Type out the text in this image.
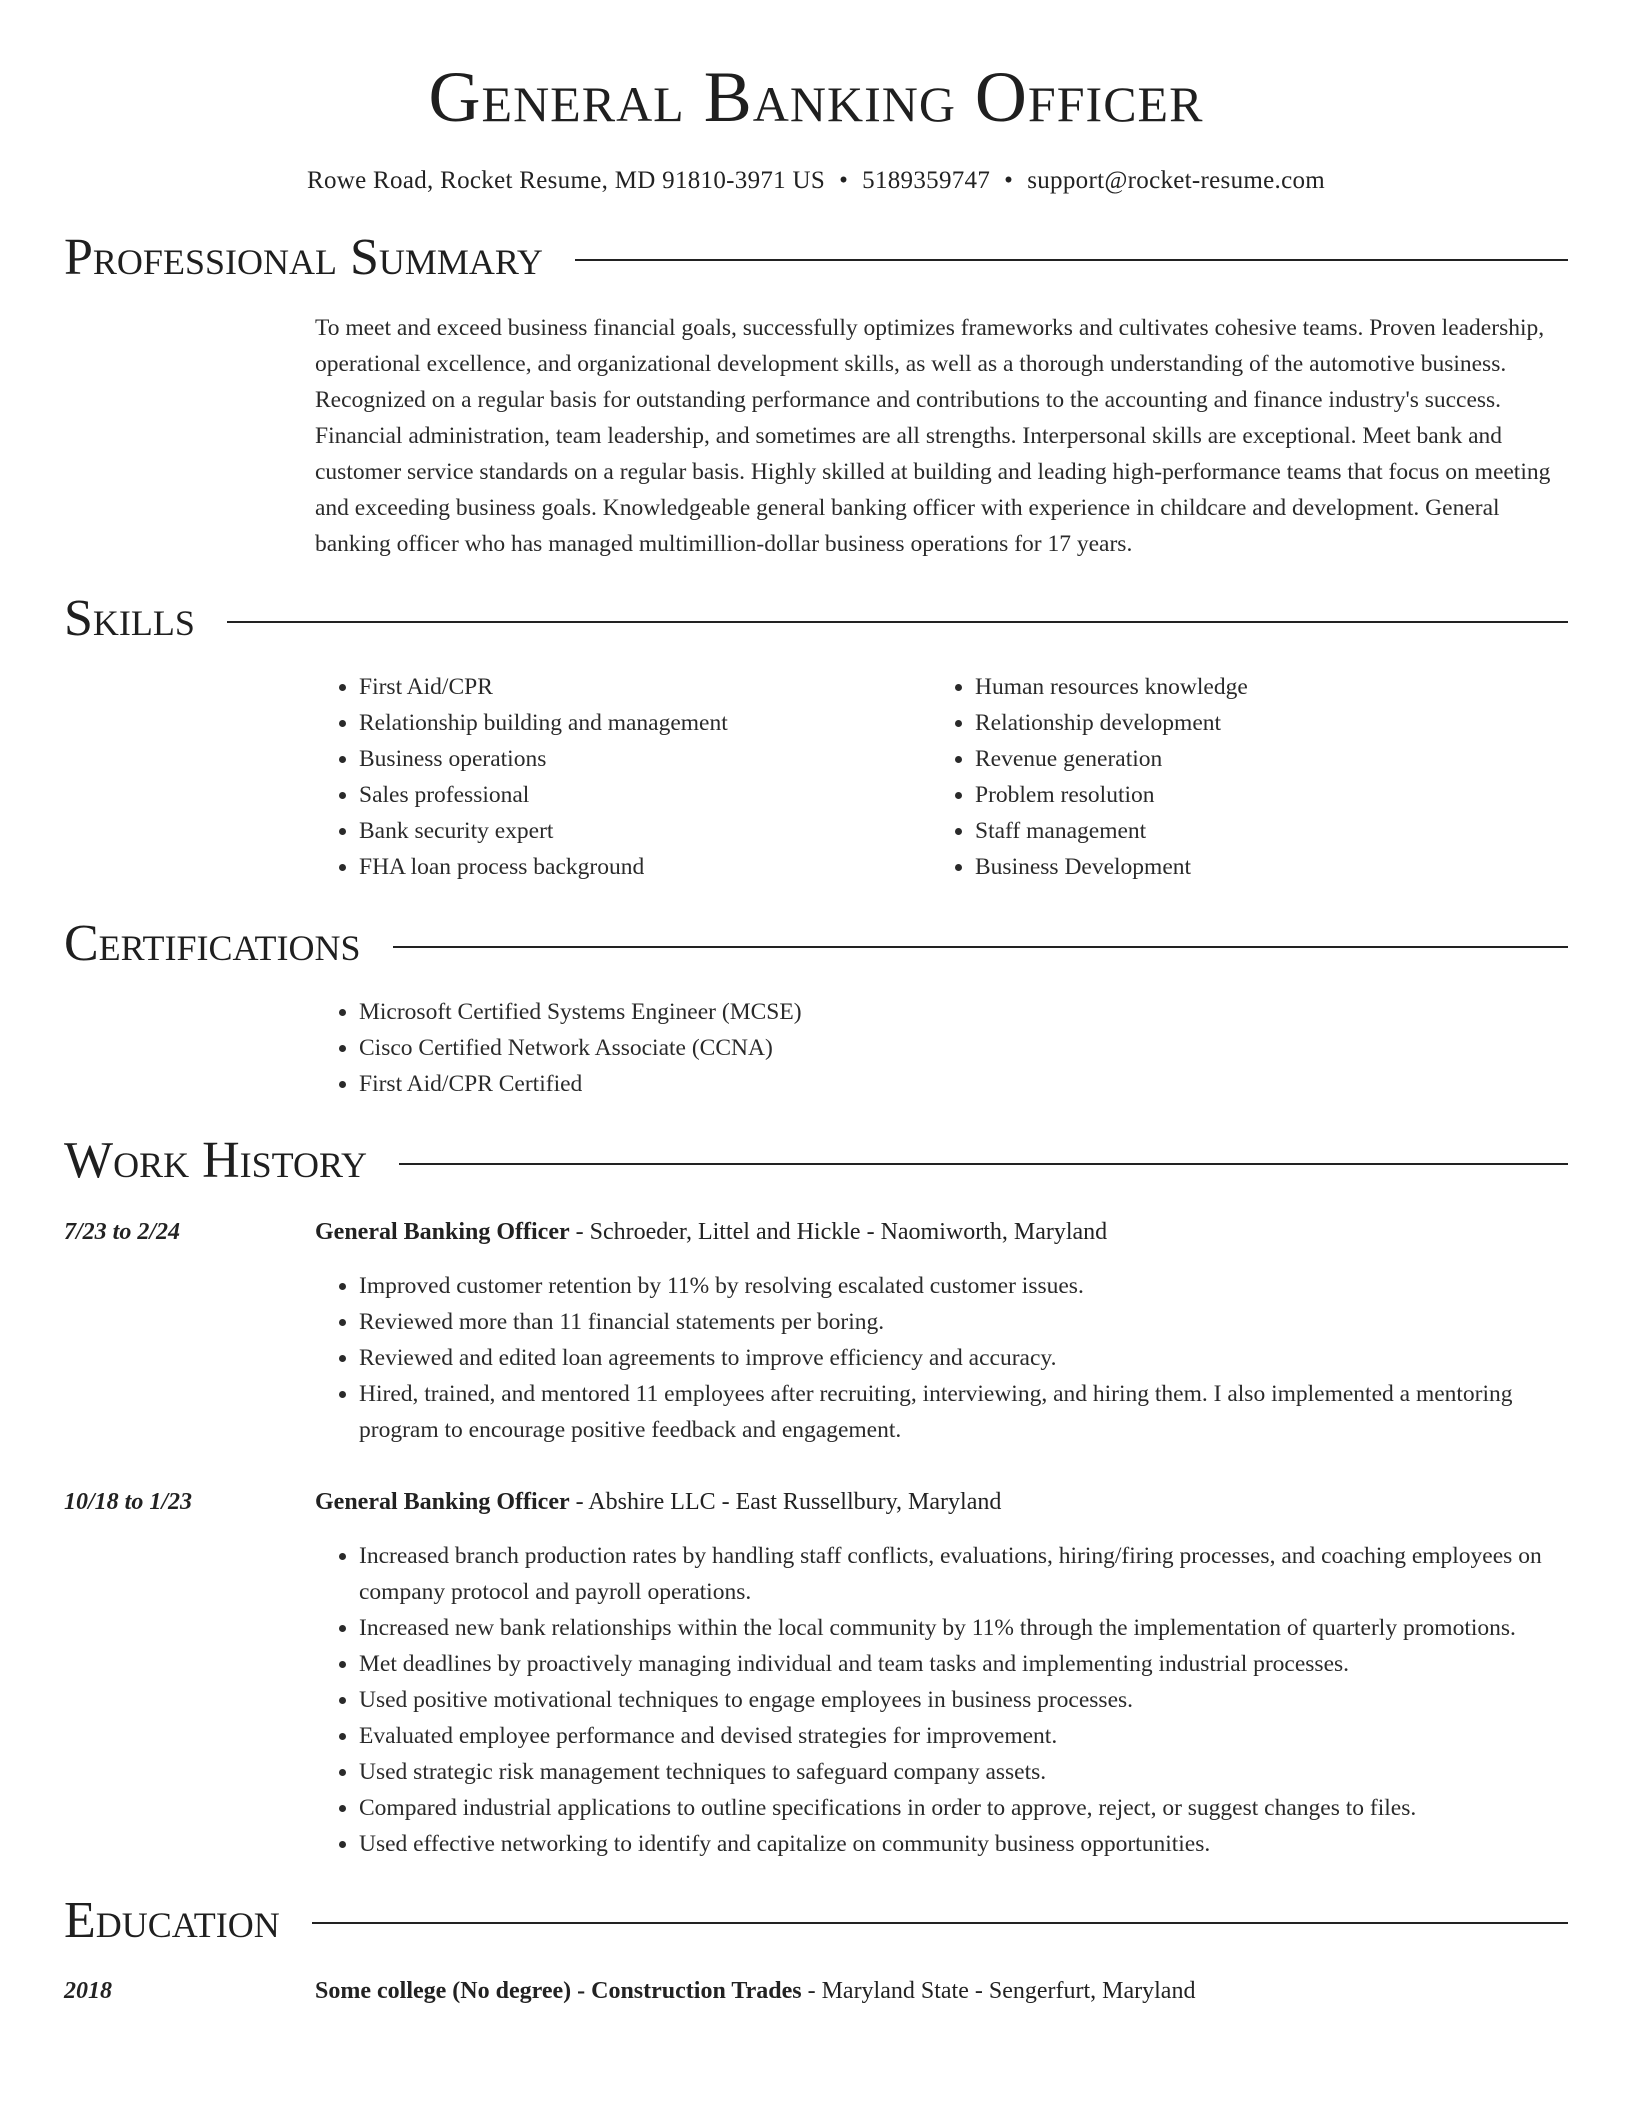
General Banking Officer
Rowe Road, Rocket Resume, MD 91810-3971 US • 5189359747 • support@rocket-resume.com
Professional Summary

To meet and exceed business financial goals, successfully optimizes frameworks and cultivates cohesive teams. Proven leadership, operational excellence, and organizational development skills, as well as a thorough understanding of the automotive business. Recognized on a regular basis for outstanding performance and contributions to the accounting and finance industry's success. Financial administration, team leadership, and sometimes are all strengths. Interpersonal skills are exceptional. Meet bank and customer service standards on a regular basis. Highly skilled at building and leading high-performance teams that focus on meeting and exceeding business goals. Knowledgeable general banking officer with experience in childcare and development. General banking officer who has managed multimillion-dollar business operations for 17 years.

Skills
• First Aid/CPR
• Relationship building and management
• Business operations
• Sales professional
• Bank security expert
• FHA loan process background
• Human resources knowledge
• Relationship development
• Revenue generation
• Problem resolution
• Staff management
• Business Development
Certifications
• Microsoft Certified Systems Engineer (MCSE)
• Cisco Certified Network Associate (CCNA)
• First Aid/CPR Certified
Work History
7/23 to 2/24	General Banking Officer - Schroeder, Littel and Hickle - Naomiworth, Maryland
• Improved customer retention by 11% by resolving escalated customer issues.
• Reviewed more than 11 financial statements per boring.
• Reviewed and edited loan agreements to improve efficiency and accuracy.
• Hired, trained, and mentored 11 employees after recruiting, interviewing, and hiring them. I also implemented a mentoring program to encourage positive feedback and engagement.
10/18 to 1/23	General Banking Officer - Abshire LLC - East Russellbury, Maryland
• Increased branch production rates by handling staff conflicts, evaluations, hiring/firing processes, and coaching employees on company protocol and payroll operations.
• Increased new bank relationships within the local community by 11% through the implementation of quarterly promotions.
• Met deadlines by proactively managing individual and team tasks and implementing industrial processes.
• Used positive motivational techniques to engage employees in business processes.
• Evaluated employee performance and devised strategies for improvement.
• Used strategic risk management techniques to safeguard company assets.
• Compared industrial applications to outline specifications in order to approve, reject, or suggest changes to files.
• Used effective networking to identify and capitalize on community business opportunities.
Education
2018	Some college (No degree) - Construction Trades - Maryland State - Sengerfurt, Maryland
